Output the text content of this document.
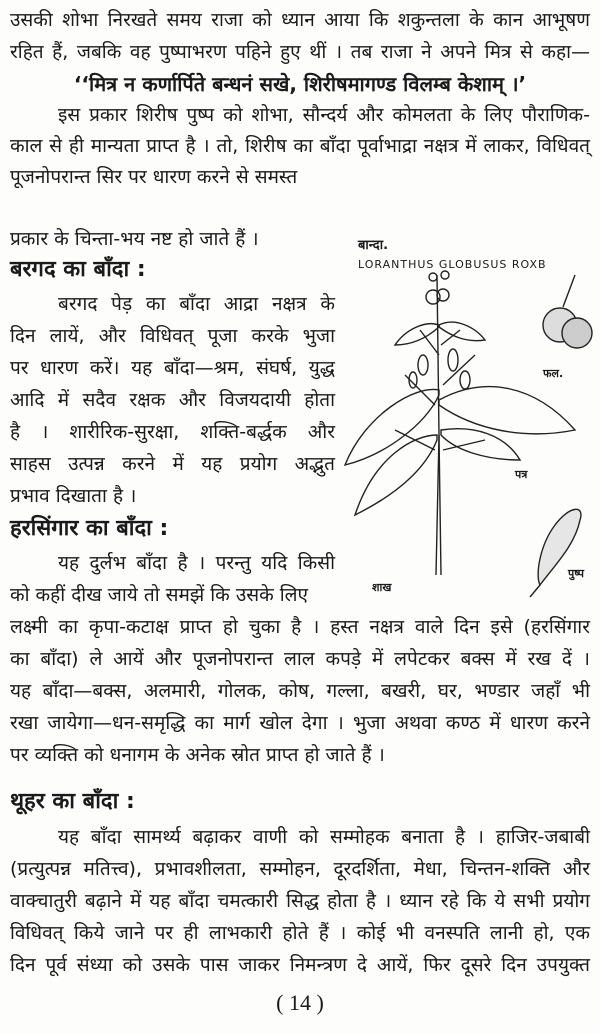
उसकी शोभा निरखते समय राजा को ध्यान आया कि शकुन्तला के कान आभूषण
रहित हैं, जबकि वह पुष्पाभरण पहिने हुए थीं । तब राजा ने अपने मित्र से कहा—
‘‘मित्र न कर्णार्पिते बन्धनं सखे, शिरीषमागण्ड विलम्ब केशाम् ।’
इस प्रकार शिरीष पुष्प को शोभा, सौन्दर्य और कोमलता के लिए पौराणिक-
काल से ही मान्यता प्राप्त है । तो, शिरीष का बाँदा पूर्वाभाद्रा नक्षत्र में लाकर, विधिवत्
पूजनोपरान्त सिर पर धारण करने से समस्त
प्रकार के चिन्ता-भय नष्ट हो जाते हैं ।
बरगद का बाँदा :
बरगद पेड़ का बाँदा आद्रा नक्षत्र के
दिन लायें, और विधिवत् पूजा करके भुजा
पर धारण करें। यह बाँदा—श्रम, संघर्ष, युद्ध
आदि में सदैव रक्षक और विजयदायी होता
है । शारीरिक-सुरक्षा, शक्ति-बर्द्धक और
साहस उत्पन्न करने में यह प्रयोग अद्भुत
प्रभाव दिखाता है ।
हरसिंगार का बाँदा :
यह दुर्लभ बाँदा है । परन्तु यदि किसी
को कहीं दीख जाये तो समझें कि उसके लिए
लक्ष्मी का कृपा-कटाक्ष प्राप्त हो चुका है । हस्त नक्षत्र वाले दिन इसे (हरसिंगार
का बाँदा) ले आयें और पूजनोपरान्त लाल कपड़े में लपेटकर बक्स में रख दें ।
यह बाँदा—बक्स, अलमारी, गोलक, कोष, गल्ला, बखरी, घर, भण्डार जहाँ भी
रखा जायेगा—धन-समृद्धि का मार्ग खोल देगा । भुजा अथवा कण्ठ में धारण करने
पर व्यक्ति को धनागम के अनेक स्रोत प्राप्त हो जाते हैं ।
थूहर का बाँदा :
यह बाँदा सामर्थ्य बढ़ाकर वाणी को सम्मोहक बनाता है । हाजिर-जबाबी
(प्रत्युत्पन्न मतित्त्व), प्रभावशीलता, सम्मोहन, दूरदर्शिता, मेधा, चिन्तन-शक्ति और
वाक्चातुरी बढ़ाने में यह बाँदा चमत्कारी सिद्ध होता है । ध्यान रहे कि ये सभी प्रयोग
विधिवत् किये जाने पर ही लाभकारी होते हैं । कोई भी वनस्पति लानी हो, एक
दिन पूर्व संध्या को उसके पास जाकर निमन्त्रण दे आयें, फिर दूसरे दिन उपयुक्त
( 14 )
बान्दा.
LORANTHUS GLOBUSUS ROXB
फल.
पत्र
पुष्प
शाख
